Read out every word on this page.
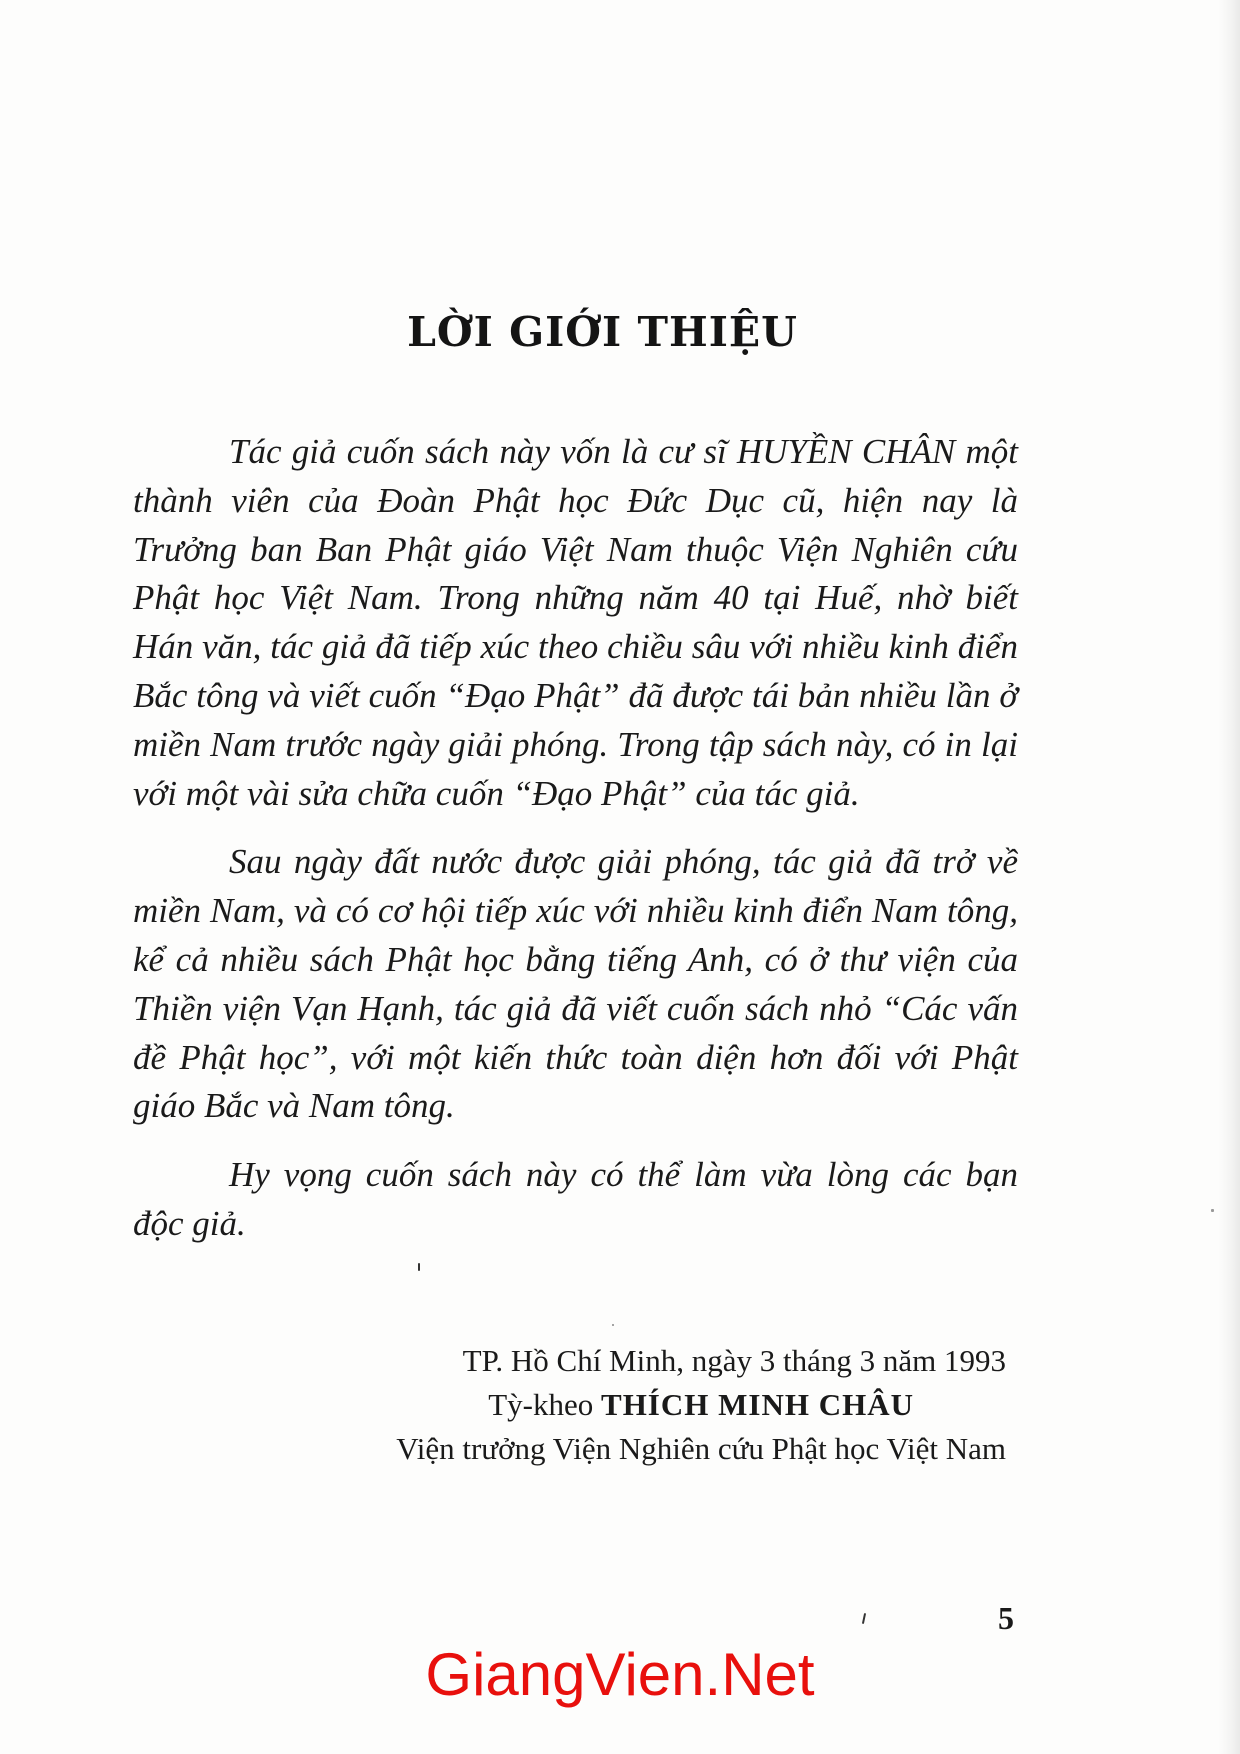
LỜI GIỚI THIỆU

Tác giả cuốn sách này vốn là cư sĩ HUYỀN CHÂN một thành viên của Đoàn Phật học Đức Dục cũ, hiện nay là Trưởng ban Ban Phật giáo Việt Nam thuộc Viện Nghiên cứu Phật học Việt Nam. Trong những năm 40 tại Huế, nhờ biết Hán văn, tác giả đã tiếp xúc theo chiều sâu với nhiều kinh điển Bắc tông và viết cuốn “Đạo Phật” đã được tái bản nhiều lần ở miền Nam trước ngày giải phóng. Trong tập sách này, có in lại với một vài sửa chữa cuốn “Đạo Phật” của tác giả.

Sau ngày đất nước được giải phóng, tác giả đã trở về miền Nam, và có cơ hội tiếp xúc với nhiều kinh điển Nam tông, kể cả nhiều sách Phật học bằng tiếng Anh, có ở thư viện của Thiền viện Vạn Hạnh, tác giả đã viết cuốn sách nhỏ “Các vấn đề Phật học”, với một kiến thức toàn diện hơn đối với Phật giáo Bắc và Nam tông.

Hy vọng cuốn sách này có thể làm vừa lòng các bạn độc giả.

TP. Hồ Chí Minh, ngày 3 tháng 3 năm 1993
Tỳ-kheo THÍCH MINH CHÂU
Viện trưởng Viện Nghiên cứu Phật học Việt Nam
5
GiangVien.Net
